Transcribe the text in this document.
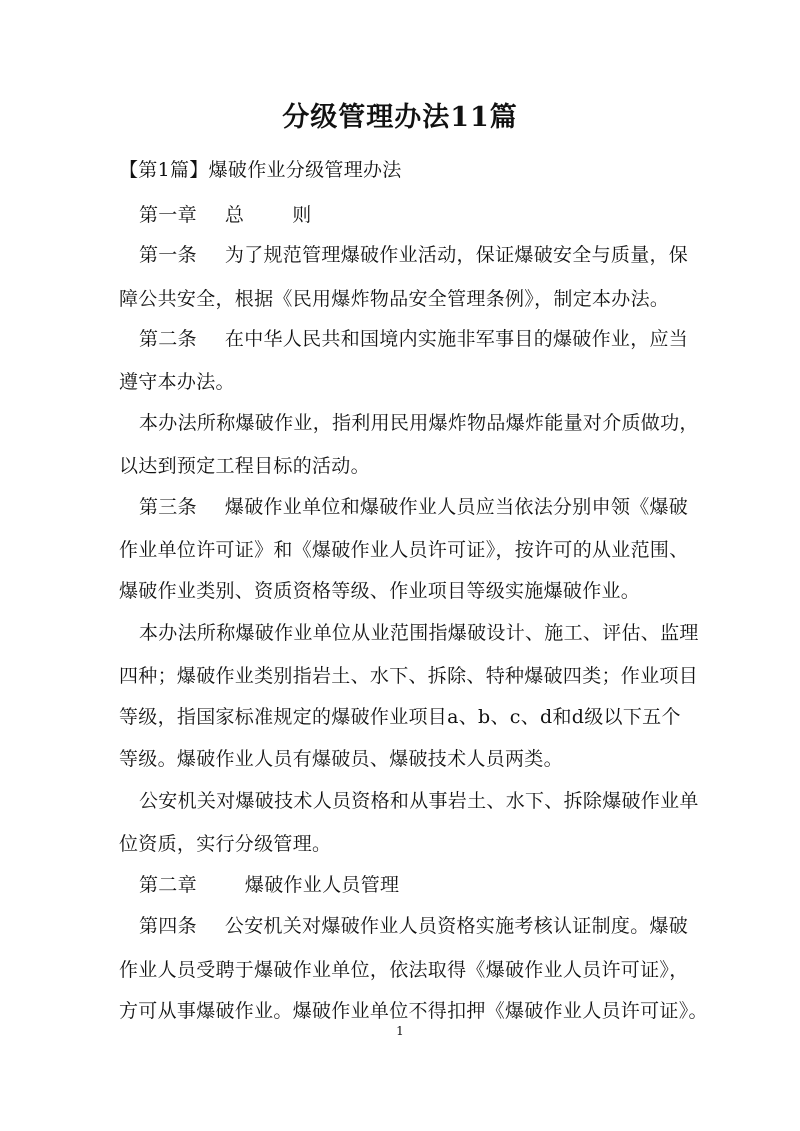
分级管理办法11篇
【第1篇】爆破作业分级管理办法
第一章 总	则
第一条 为了规范管理爆破作业活动，保证爆破安全与质量，保
障公共安全，根据《民用爆炸物品安全管理条例》，制定本办法。
第二条 在中华人民共和国境内实施非军事目的爆破作业，应当
遵守本办法。
本办法所称爆破作业，指利用民用爆炸物品爆炸能量对介质做功，
以达到预定工程目标的活动。
第三条 爆破作业单位和爆破作业人员应当依法分别申领《爆破
作业单位许可证》和《爆破作业人员许可证》，按许可的从业范围、
爆破作业类别、资质资格等级、作业项目等级实施爆破作业。
本办法所称爆破作业单位从业范围指爆破设计、施工、评估、监理
四种；爆破作业类别指岩土、水下、拆除、特种爆破四类；作业项目
等级，指国家标准规定的爆破作业项目a、b、c、d和d级以下五个
等级。爆破作业人员有爆破员、爆破技术人员两类。
公安机关对爆破技术人员资格和从事岩土、水下、拆除爆破作业单
位资质，实行分级管理。
第二章	爆破作业人员管理
第四条 公安机关对爆破作业人员资格实施考核认证制度。爆破
作业人员受聘于爆破作业单位，依法取得《爆破作业人员许可证》，
方可从事爆破作业。爆破作业单位不得扣押《爆破作业人员许可证》。
1
